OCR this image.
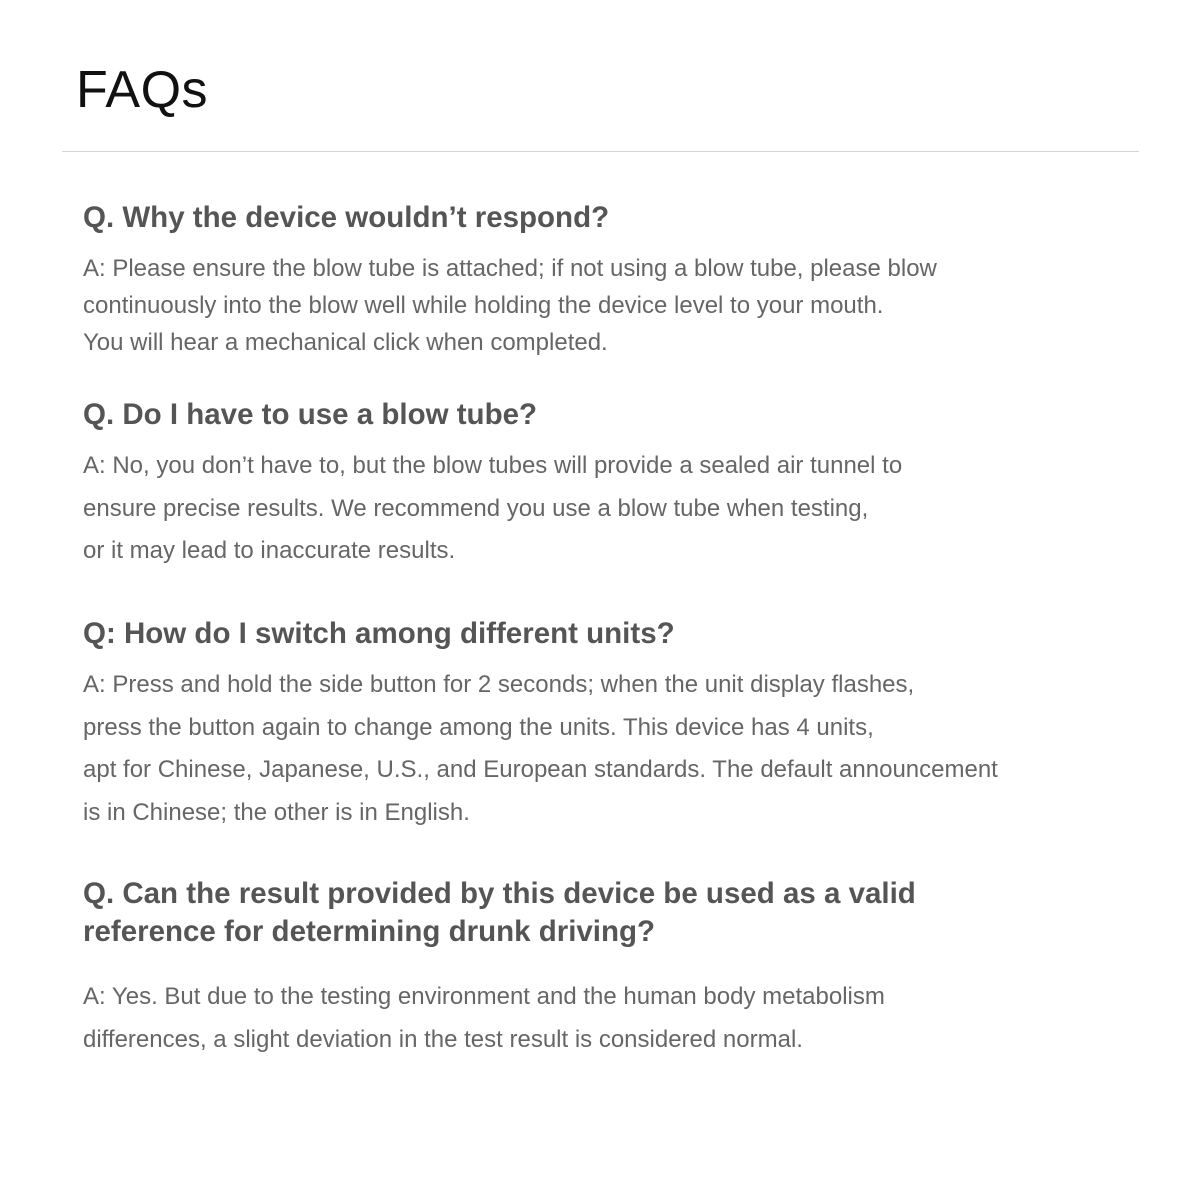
FAQs
Q. Why the device wouldn’t respond?

A: Please ensure the blow tube is attached; if not using a blow tube, please blow
continuously into the blow well while holding the device level to your mouth.
You will hear a mechanical click when completed.

Q. Do I have to use a blow tube?

A: No, you don’t have to, but the blow tubes will provide a sealed air tunnel to
ensure precise results. We recommend you use a blow tube when testing,
or it may lead to inaccurate results.

Q: How do I switch among different units?

A: Press and hold the side button for 2 seconds; when the unit display flashes,
press the button again to change among the units. This device has 4 units,
apt for Chinese, Japanese, U.S., and European standards. The default announcement
is in Chinese; the other is in English.

Q. Can the result provided by this device be used as a valid
reference for determining drunk driving?

A: Yes. But due to the testing environment and the human body metabolism
differences, a slight deviation in the test result is considered normal.
